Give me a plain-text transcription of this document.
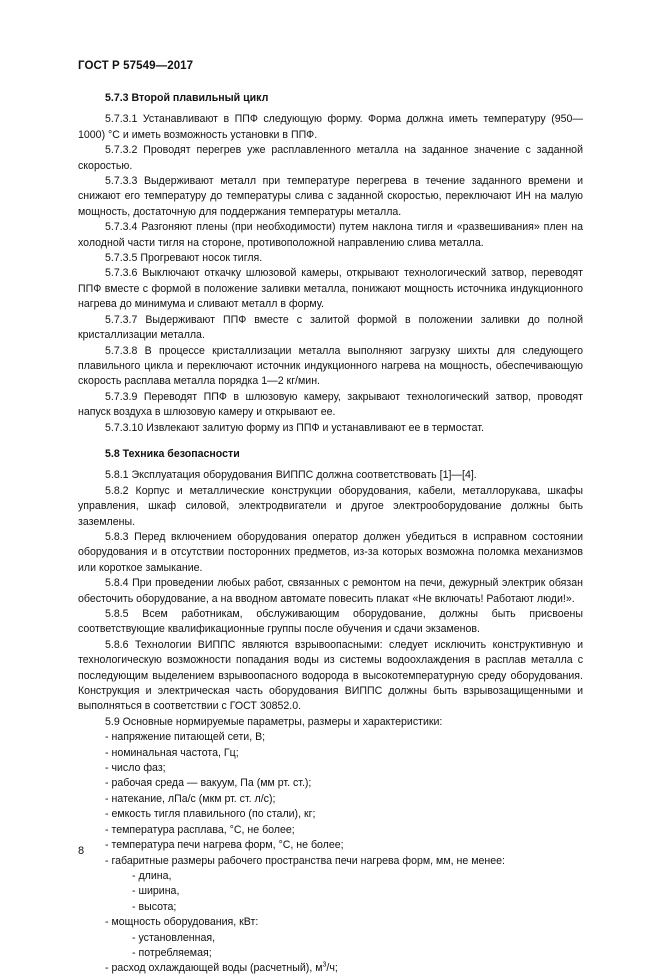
ГОСТ Р 57549—2017
5.7.3 Второй плавильный цикл

5.7.3.1 Устанавливают в ППФ следующую форму. Форма должна иметь температуру (950—1000) °С и иметь возможность установки в ППФ.

5.7.3.2 Проводят перегрев уже расплавленного металла на заданное значение с заданной скоростью.

5.7.3.3 Выдерживают металл при температуре перегрева в течение заданного времени и снижают его температуру до температуры слива с заданной скоростью, переключают ИН на малую мощность, достаточную для поддержания температуры металла.

5.7.3.4 Разгоняют плены (при необходимости) путем наклона тигля и «развешивания» плен на холодной части тигля на стороне, противоположной направлению слива металла.

5.7.3.5 Прогревают носок тигля.

5.7.3.6 Выключают откачку шлюзовой камеры, открывают технологический затвор, переводят ППФ вместе с формой в положение заливки металла, понижают мощность источника индукционного нагрева до минимума и сливают металл в форму.

5.7.3.7 Выдерживают ППФ вместе с залитой формой в положении заливки до полной кристаллизации металла.

5.7.3.8 В процессе кристаллизации металла выполняют загрузку шихты для следующего плавильного цикла и переключают источник индукционного нагрева на мощность, обеспечивающую скорость расплава металла порядка 1—2 кг/мин.

5.7.3.9 Переводят ППФ в шлюзовую камеру, закрывают технологический затвор, проводят напуск воздуха в шлюзовую камеру и открывают ее.

5.7.3.10 Извлекают залитую форму из ППФ и устанавливают ее в термостат.

5.8 Техника безопасности

5.8.1 Эксплуатация оборудования ВИППС должна соответствовать [1]—[4].

5.8.2 Корпус и металлические конструкции оборудования, кабели, металлорукава, шкафы управления, шкаф силовой, электродвигатели и другое электрооборудование должны быть заземлены.

5.8.3 Перед включением оборудования оператор должен убедиться в исправном состоянии оборудования и в отсутствии посторонних предметов, из-за которых возможна поломка механизмов или короткое замыкание.

5.8.4 При проведении любых работ, связанных с ремонтом на печи, дежурный электрик обязан обесточить оборудование, а на вводном автомате повесить плакат «Не включать! Работают люди!».

5.8.5 Всем работникам, обслуживающим оборудование, должны быть присвоены соответствующие квалификационные группы после обучения и сдачи экзаменов.

5.8.6 Технологии ВИППС являются взрывоопасными: следует исключить конструктивную и технологическую возможности попадания воды из системы водоохлаждения в расплав металла с последующим выделением взрывоопасного водорода в высокотемпературную среду оборудования. Конструкция и электрическая часть оборудования ВИППС должны быть взрывозащищенными и выполняться в соответствии с ГОСТ 30852.0.

5.9 Основные нормируемые параметры, размеры и характеристики:

- напряжение питающей сети, В;
- номинальная частота, Гц;
- число фаз;
- рабочая среда — вакуум, Па (мм рт. ст.);
- натекание, лПа/с (мкм рт. ст. л/с);
- емкость тигля плавильного (по стали), кг;
- температура расплава, °С, не более;
- температура печи нагрева форм, °С, не более;
- габаритные размеры рабочего пространства печи нагрева форм, мм, не менее:
- длина,
- ширина,
- высота;
- мощность оборудования, кВт:
- установленная,
- потребляемая;
- расход охлаждающей воды (расчетный), $м^3/ч$;
8
